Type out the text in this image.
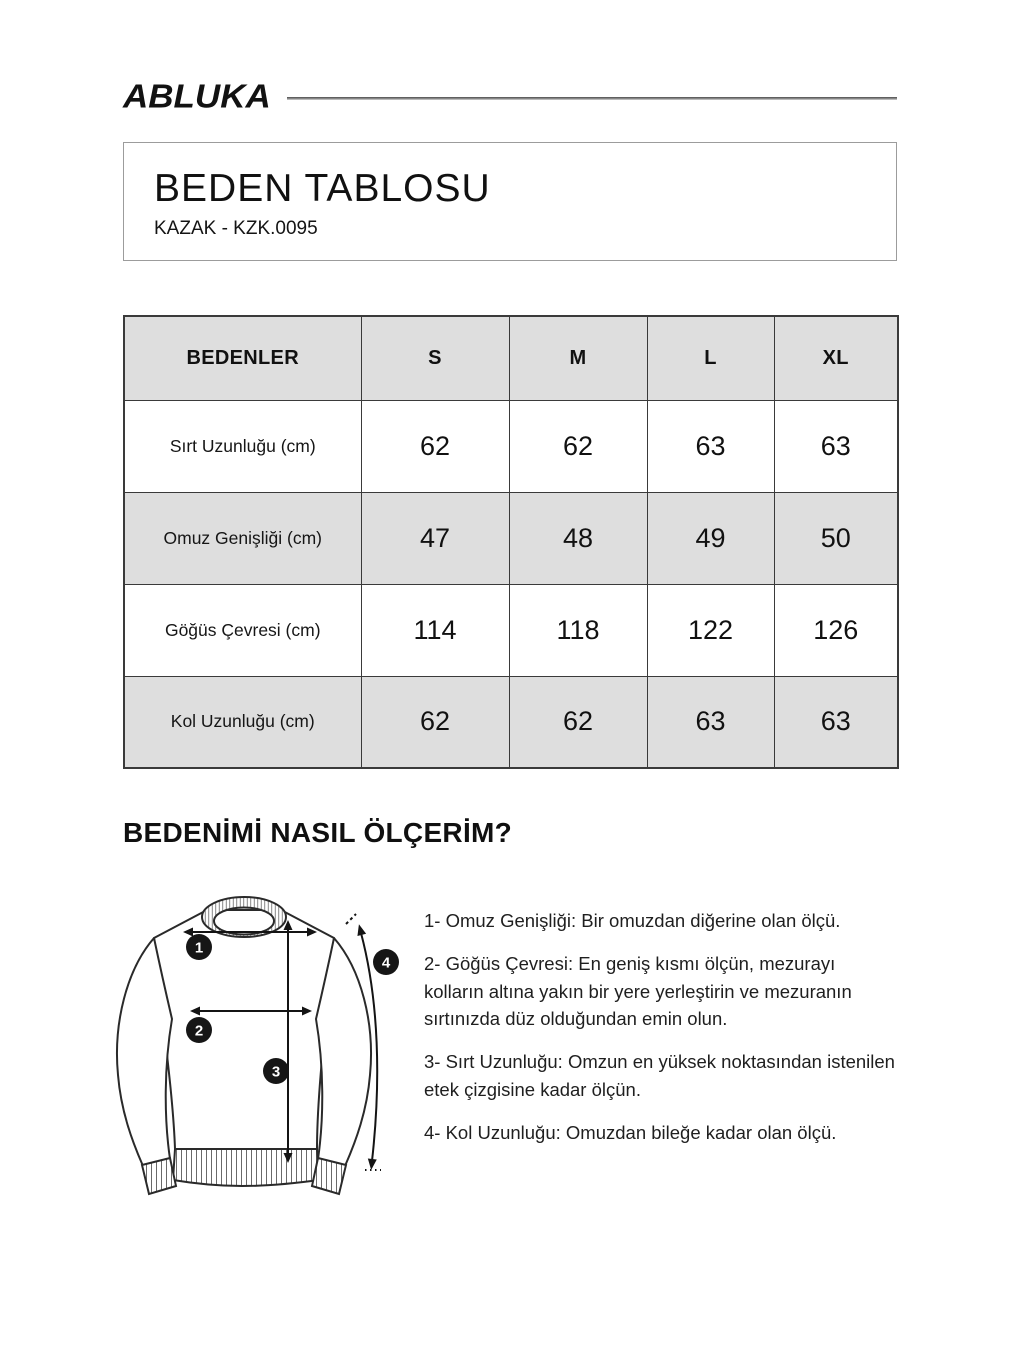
ABLUKA
BEDEN TABLOSU
KAZAK - KZK.0095
BEDENLER	S	M	L	XL
Sırt Uzunluğu (cm)	62	62	63	63
Omuz Genişliği (cm)	47	48	49	50
Göğüs Çevresi (cm)	114	118	122	126
Kol Uzunluğu (cm)	62	62	63	63
BEDENİMİ NASIL ÖLÇERİM?
1
2
3
4

1- Omuz Genişliği: Bir omuzdan diğerine olan ölçü.

2- Göğüs Çevresi: En geniş kısmı ölçün, mezurayı kolların altına yakın bir yere yerleştirin ve mezuranın sırtınızda düz olduğundan emin olun.

3- Sırt Uzunluğu: Omzun en yüksek noktasından istenilen etek çizgisine kadar ölçün.

4- Kol Uzunluğu: Omuzdan bileğe kadar olan ölçü.
